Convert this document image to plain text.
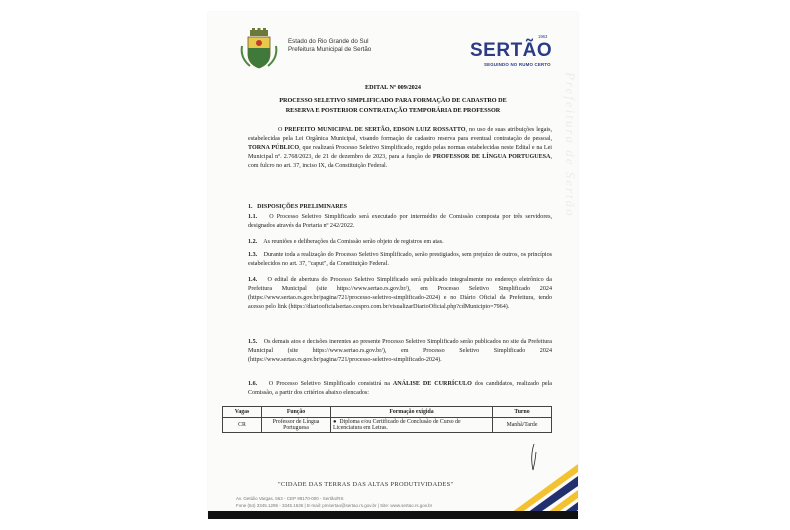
Prefeitura de Sertão
Estado do Rio Grande do Sul
Prefeitura Municipal de Sertão
1963
SERTÃO
SEGUINDO NO RUMO CERTO
EDITAL Nº 009/2024
PROCESSO SELETIVO SIMPLIFICADO PARA FORMAÇÃO DE CADASTRO DE
RESERVA E POSTERIOR CONTRATAÇÃO TEMPORÁRIA DE PROFESSOR
O PREFEITO MUNICIPAL DE SERTÃO, EDSON LUIZ ROSSATTO, no uso de suas atribuições legais, estabelecidas pela Lei Orgânica Municipal, visando formação de cadastro reserva para eventual contratação de pessoal, TORNA PÚBLICO, que realizará Processo Seletivo Simplificado, regido pelas normas estabelecidas neste Edital e na Lei Municipal nº. 2.768/2023, de 21 de dezembro de 2023, para a função de PROFESSOR DE LÍNGUA PORTUGUESA, com fulcro no art. 37, inciso IX, da Constituição Federal.
1. DISPOSIÇÕES PRELIMINARES
1.1. O Processo Seletivo Simplificado será executado por intermédio de Comissão composta por três servidores, designados através da Portaria nº 242/2022.
1.2. As reuniões e deliberações da Comissão serão objeto de registros em atas.
1.3. Durante toda a realização do Processo Seletivo Simplificado, serão prestigiados, sem prejuízo de outros, os princípios estabelecidos no art. 37, "caput", da Constituição Federal.
1.4. O edital de abertura do Processo Seletivo Simplificado será publicado integralmente no endereço eletrônico da Prefeitura Municipal (site https://www.sertao.rs.gov.br/), em Processo Seletivo Simplificado 2024 (https://www.sertao.rs.gov.br/pagina/721/processo-seletivo-simplificado-2024) e no Diário Oficial da Prefeitura, tendo acesso pelo link (https://diariooficialsertao.cespro.com.br/visualizarDiarioOficial.php?cdMunicipio=7964).
1.5. Os demais atos e decisões inerentes ao presente Processo Seletivo Simplificado serão publicados no site da Prefeitura Municipal (site https://www.sertao.rs.gov.br/), em Processo Seletivo Simplificado 2024 (https://www.sertao.rs.gov.br/pagina/721/processo-seletivo-simplificado-2024).
1.6. O Processo Seletivo Simplificado consistirá na ANÁLISE DE CURRÍCULO dos candidatos, realizado pela Comissão, a partir dos critérios abaixo elencados:
Vagas	Função	Formação exigida	Turno
CR	Professor de Língua Portuguesa	●  Diploma e/ou Certificado de Conclusão de Curso de Licenciatura em Letras.	Manhã/Tarde
"CIDADE DAS TERRAS DAS ALTAS PRODUTIVIDADES"
Av. Getúlio Vargas, 563 - CEP 99170-000 - Sertão/RS
Fone (54) 3345.1295 - 3345.1636 | E-mail: pmsertao@sertao.rs.gov.br | Site: www.sertao.rs.gov.br
